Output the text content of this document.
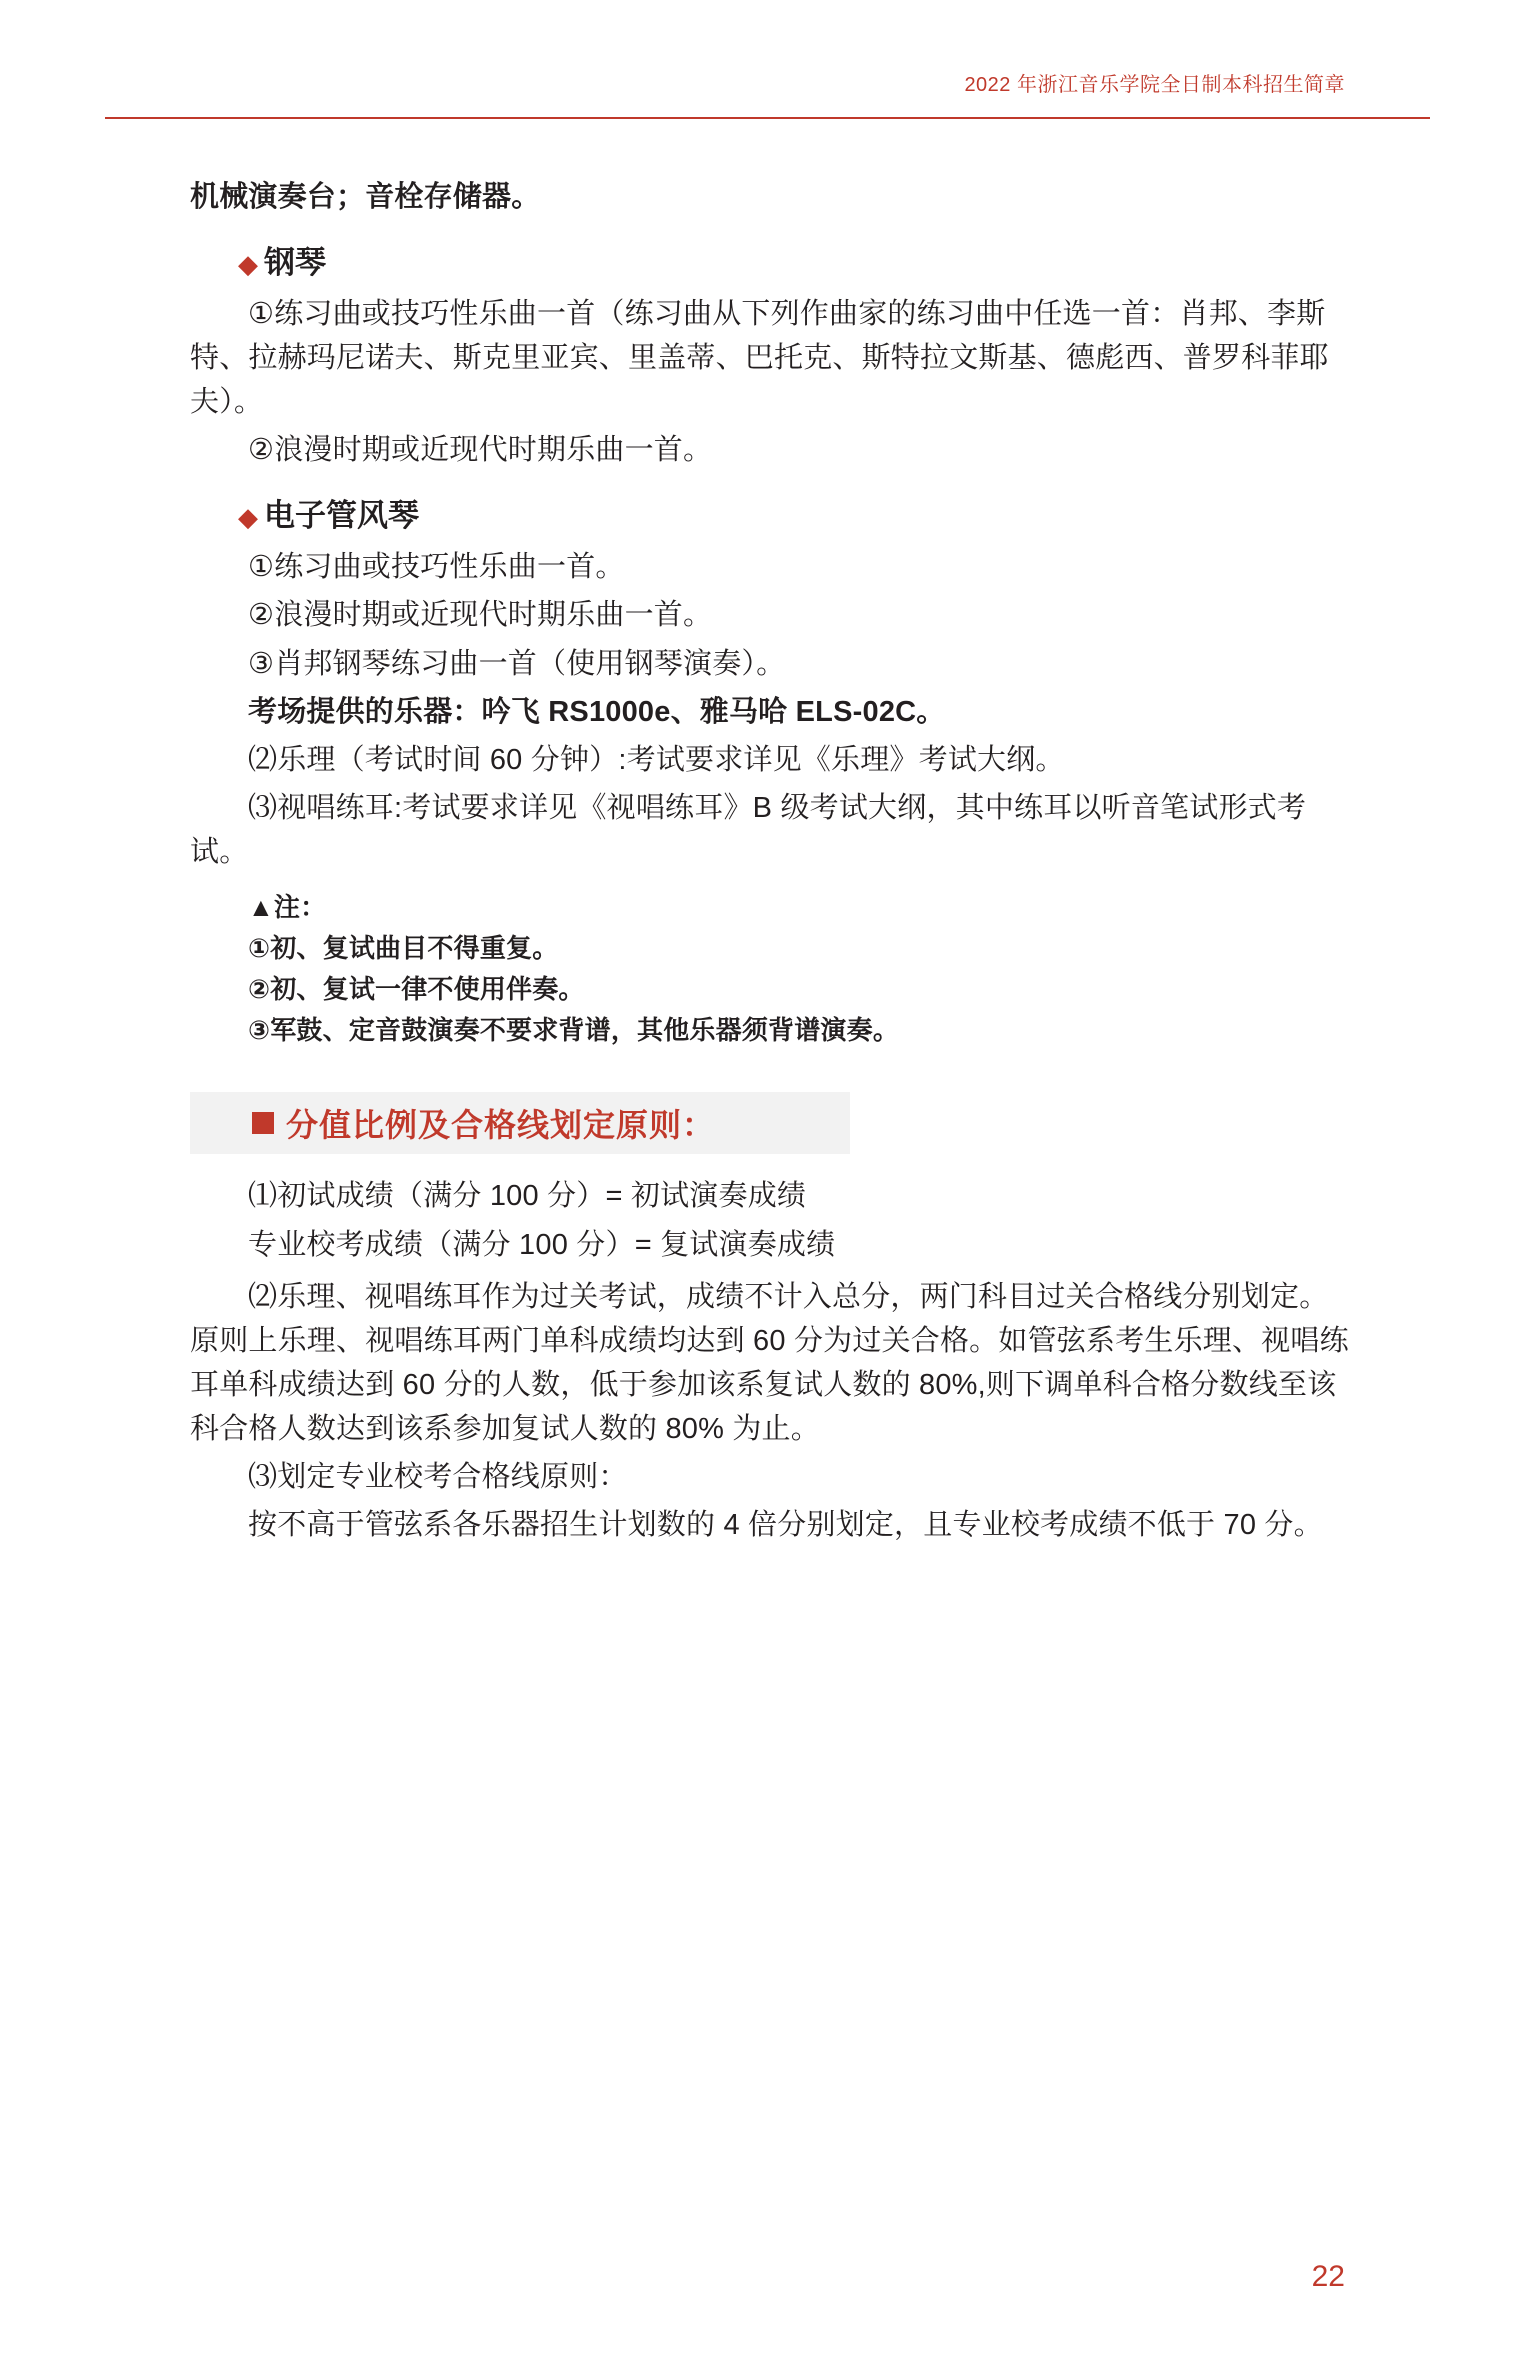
2022 年浙江音乐学院全日制本科招生简章

机械演奏台；音栓存储器。

◆ 钢琴

①练习曲或技巧性乐曲一首（练习曲从下列作曲家的练习曲中任选一首：肖邦、李斯特、拉赫玛尼诺夫、斯克里亚宾、里盖蒂、巴托克、斯特拉文斯基、德彪西、普罗科菲耶夫）。

②浪漫时期或近现代时期乐曲一首。

◆ 电子管风琴

①练习曲或技巧性乐曲一首。

②浪漫时期或近现代时期乐曲一首。

③肖邦钢琴练习曲一首（使用钢琴演奏）。

考场提供的乐器：吟飞 RS1000e、雅马哈 ELS-02C。

⑵乐理（考试时间 60 分钟）:考试要求详见《乐理》考试大纲。

⑶视唱练耳:考试要求详见《视唱练耳》B 级考试大纲，其中练耳以听音笔试形式考试。

▲注：

①初、复试曲目不得重复。

②初、复试一律不使用伴奏。

③军鼓、定音鼓演奏不要求背谱，其他乐器须背谱演奏。

分值比例及合格线划定原则：

⑴初试成绩（满分 100 分）= 初试演奏成绩

专业校考成绩（满分 100 分）= 复试演奏成绩

⑵乐理、视唱练耳作为过关考试，成绩不计入总分，两门科目过关合格线分别划定。原则上乐理、视唱练耳两门单科成绩均达到 60 分为过关合格。如管弦系考生乐理、视唱练耳单科成绩达到 60 分的人数，低于参加该系复试人数的 80%,则下调单科合格分数线至该科合格人数达到该系参加复试人数的 80% 为止。

⑶划定专业校考合格线原则：

按不高于管弦系各乐器招生计划数的 4 倍分别划定，且专业校考成绩不低于 70 分。

22
